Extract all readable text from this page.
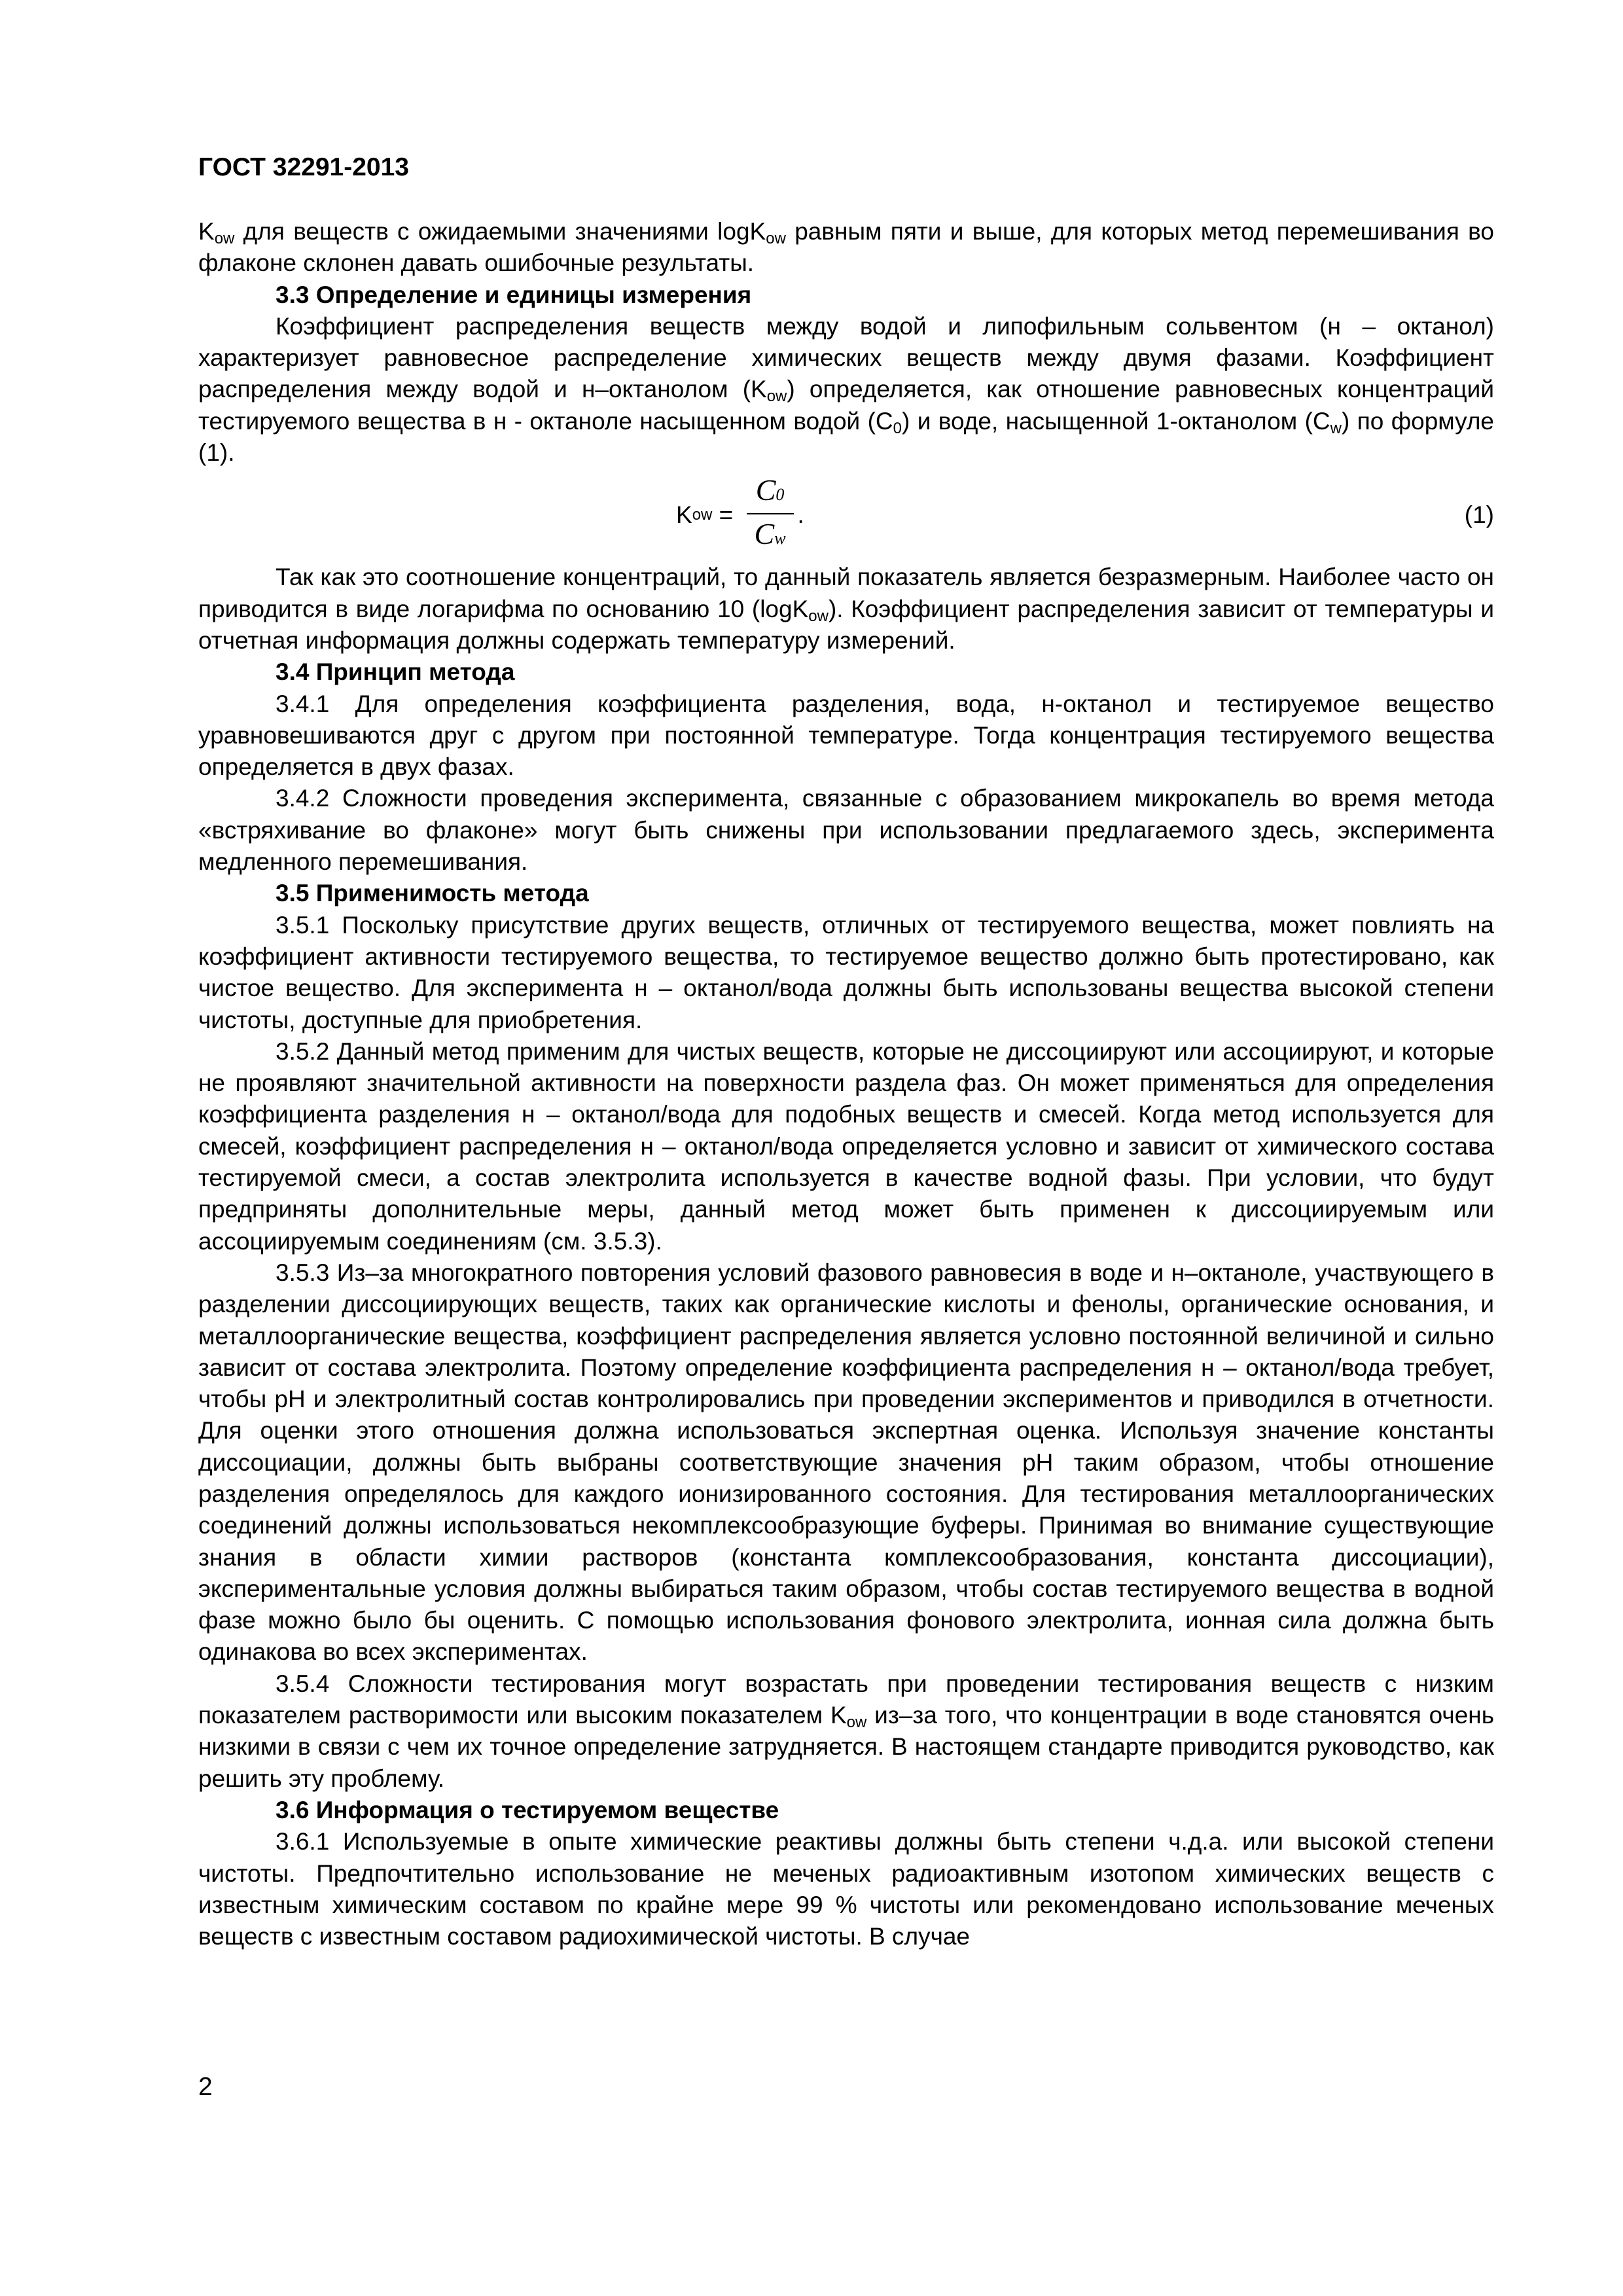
ГОСТ 32291-2013

$K_{ow}$ для веществ с ожидаемыми значениями logK$_{ow}$ равным пяти и выше, для которых метод перемешивания во флаконе склонен давать ошибочные результаты.

3.3 Определение и единицы измерения

Коэффициент распределения веществ между водой и липофильным сольвентом (н – октанол) характеризует равновесное распределение химических веществ между двумя фазами. Коэффициент распределения между водой и н–октанолом $(K_{ow})$ определяется, как отношение равновесных концентраций тестируемого вещества в н - октаноле насыщенном водой $(C_0)$ и воде, насыщенной 1-октанолом $(C_w)$ по формуле (1).

K ow = $\frac{C0}{Cw}$ .	(1)

Так как это соотношение концентраций, то данный показатель является безразмерным. Наиболее часто он приводится в виде логарифма по основанию 10 (logK$_{ow}$). Коэффициент распределения зависит от температуры и отчетная информация должны содержать температуру измерений.

3.4 Принцип метода

3.4.1 Для определения коэффициента разделения, вода, н-октанол и тестируемое вещество уравновешиваются друг с другом при постоянной температуре. Тогда концентрация тестируемого вещества определяется в двух фазах.

3.4.2 Сложности проведения эксперимента, связанные с образованием микрокапель во время метода «встряхивание во флаконе» могут быть снижены при использовании предлагаемого здесь, эксперимента медленного перемешивания.

3.5 Применимость метода

3.5.1 Поскольку присутствие других веществ, отличных от тестируемого вещества, может повлиять на коэффициент активности тестируемого вещества, то тестируемое вещество должно быть протестировано, как чистое вещество. Для эксперимента н – октанол/вода должны быть использованы вещества высокой степени чистоты, доступные для приобретения.

3.5.2 Данный метод применим для чистых веществ, которые не диссоциируют или ассоциируют, и которые не проявляют значительной активности на поверхности раздела фаз. Он может применяться для определения коэффициента разделения н – октанол/вода для подобных веществ и смесей. Когда метод используется для смесей, коэффициент распределения н – октанол/вода определяется условно и зависит от химического состава тестируемой смеси, а состав электролита используется в качестве водной фазы. При условии, что будут предприняты дополнительные меры, данный метод может быть применен к диссоциируемым или ассоциируемым соединениям (см. 3.5.3).

3.5.3 Из–за многократного повторения условий фазового равновесия в воде и н–октаноле, участвующего в разделении диссоциирующих веществ, таких как органические кислоты и фенолы, органические основания, и металлоорганические вещества, коэффициент распределения является условно постоянной величиной и сильно зависит от состава электролита. Поэтому определение коэффициента распределения н – октанол/вода требует, чтобы pH и электролитный состав контролировались при проведении экспериментов и приводился в отчетности. Для оценки этого отношения должна использоваться экспертная оценка. Используя значение константы диссоциации, должны быть выбраны соответствующие значения pH таким образом, чтобы отношение разделения определялось для каждого ионизированного состояния. Для тестирования металлоорганических соединений должны использоваться некомплексообразующие буферы. Принимая во внимание существующие знания в области химии растворов (константа комплексообразования, константа диссоциации), экспериментальные условия должны выбираться таким образом, чтобы состав тестируемого вещества в водной фазе можно было бы оценить. С помощью использования фонового электролита, ионная сила должна быть одинакова во всех экспериментах.

3.5.4 Сложности тестирования могут возрастать при проведении тестирования веществ с низким показателем растворимости или высоким показателем $K_{ow}$ из–за того, что концентрации в воде становятся очень низкими в связи с чем их точное определение затрудняется. В настоящем стандарте приводится руководство, как решить эту проблему.

3.6 Информация о тестируемом веществе

3.6.1 Используемые в опыте химические реактивы должны быть степени ч.д.а. или высокой степени чистоты. Предпочтительно использование не меченых радиоактивным изотопом химических веществ с известным химическим составом по крайне мере 99 % чистоты или рекомендовано использование меченых веществ с известным составом радиохимической чистоты. В случае

2
